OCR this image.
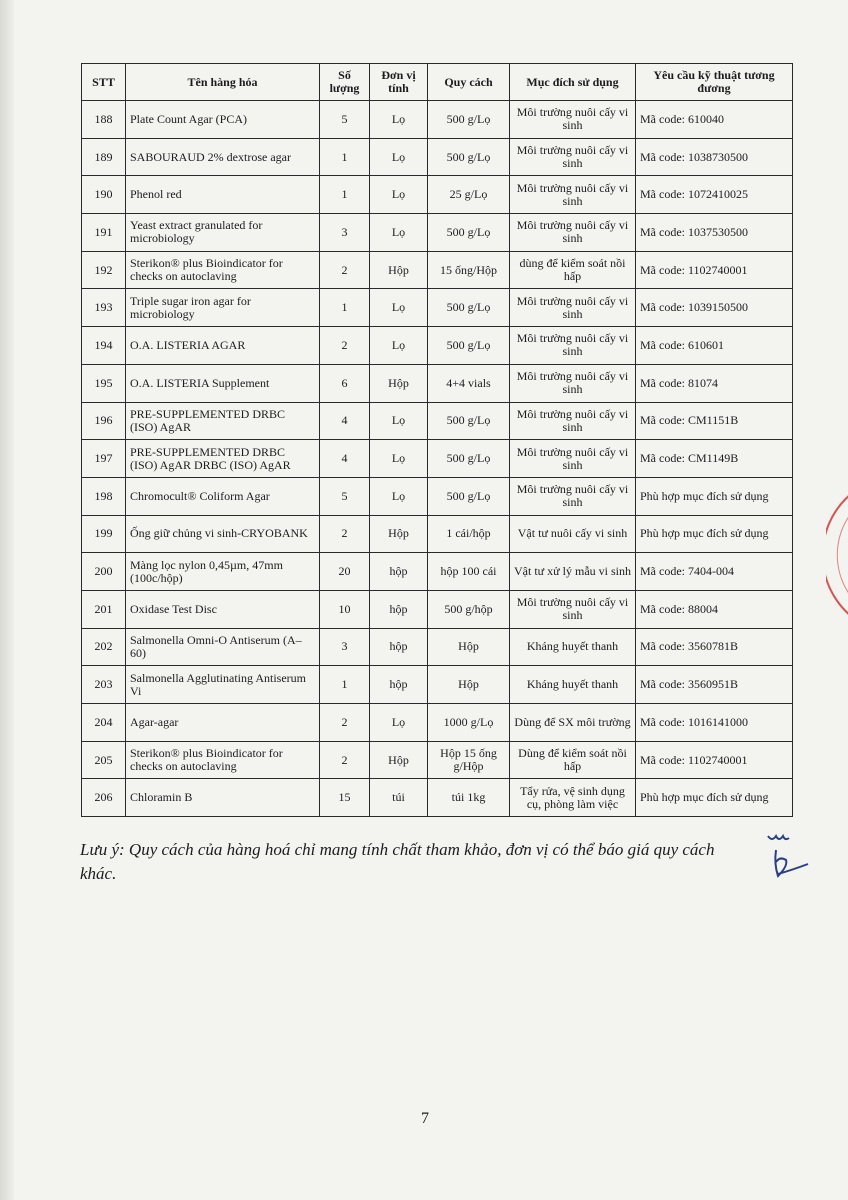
STT	Tên hàng hóa	Số lượng	Đơn vị tính	Quy cách	Mục đích sử dụng	Yêu cầu kỹ thuật tương đương
188	Plate Count Agar (PCA)	5	Lọ	500 g/Lọ	Môi trường nuôi cấy vi sinh	Mã code: 610040
189	SABOURAUD 2% dextrose agar	1	Lọ	500 g/Lọ	Môi trường nuôi cấy vi sinh	Mã code: 1038730500
190	Phenol red	1	Lọ	25 g/Lọ	Môi trường nuôi cấy vi sinh	Mã code: 1072410025
191	Yeast extract granulated for microbiology	3	Lọ	500 g/Lọ	Môi trường nuôi cấy vi sinh	Mã code: 1037530500
192	Sterikon® plus Bioindicator for checks on autoclaving	2	Hộp	15 ống/Hộp	dùng để kiểm soát nồi hấp	Mã code: 1102740001
193	Triple sugar iron agar for microbiology	1	Lọ	500 g/Lọ	Môi trường nuôi cấy vi sinh	Mã code: 1039150500
194	O.A. LISTERIA AGAR	2	Lọ	500 g/Lọ	Môi trường nuôi cấy vi sinh	Mã code: 610601
195	O.A. LISTERIA Supplement	6	Hộp	4+4 vials	Môi trường nuôi cấy vi sinh	Mã code: 81074
196	PRE-SUPPLEMENTED DRBC (ISO) AgAR	4	Lọ	500 g/Lọ	Môi trường nuôi cấy vi sinh	Mã code: CM1151B
197	PRE-SUPPLEMENTED DRBC (ISO) AgAR DRBC (ISO) AgAR	4	Lọ	500 g/Lọ	Môi trường nuôi cấy vi sinh	Mã code: CM1149B
198	Chromocult® Coliform Agar	5	Lọ	500 g/Lọ	Môi trường nuôi cấy vi sinh	Phù hợp mục đích sử dụng
199	Ống giữ chủng vi sinh-CRYOBANK	2	Hộp	1 cái/hộp	Vật tư nuôi cấy vi sinh	Phù hợp mục đích sử dụng
200	Màng lọc nylon 0,45µm, 47mm (100c/hộp)	20	hộp	hộp 100 cái	Vật tư xử lý mẫu vi sinh	Mã code: 7404-004
201	Oxidase Test Disc	10	hộp	500 g/hộp	Môi trường nuôi cấy vi sinh	Mã code: 88004
202	Salmonella Omni-O Antiserum (A–60)	3	hộp	Hộp	Kháng huyết thanh	Mã code: 3560781B
203	Salmonella Agglutinating Antiserum Vi	1	hộp	Hộp	Kháng huyết thanh	Mã code: 3560951B
204	Agar-agar	2	Lọ	1000 g/Lọ	Dùng để SX môi trường	Mã code: 1016141000
205	Sterikon® plus Bioindicator for checks on autoclaving	2	Hộp	Hộp 15 ống g/Hộp	Dùng để kiểm soát nồi hấp	Mã code: 1102740001
206	Chloramin B	15	túi	túi 1kg	Tẩy rửa, vệ sinh dụng cụ, phòng làm việc	Phù hợp mục đích sử dụng
Lưu ý: Quy cách của hàng hoá chỉ mang tính chất tham khảo, đơn vị có thể báo giá quy cách khác.
7
